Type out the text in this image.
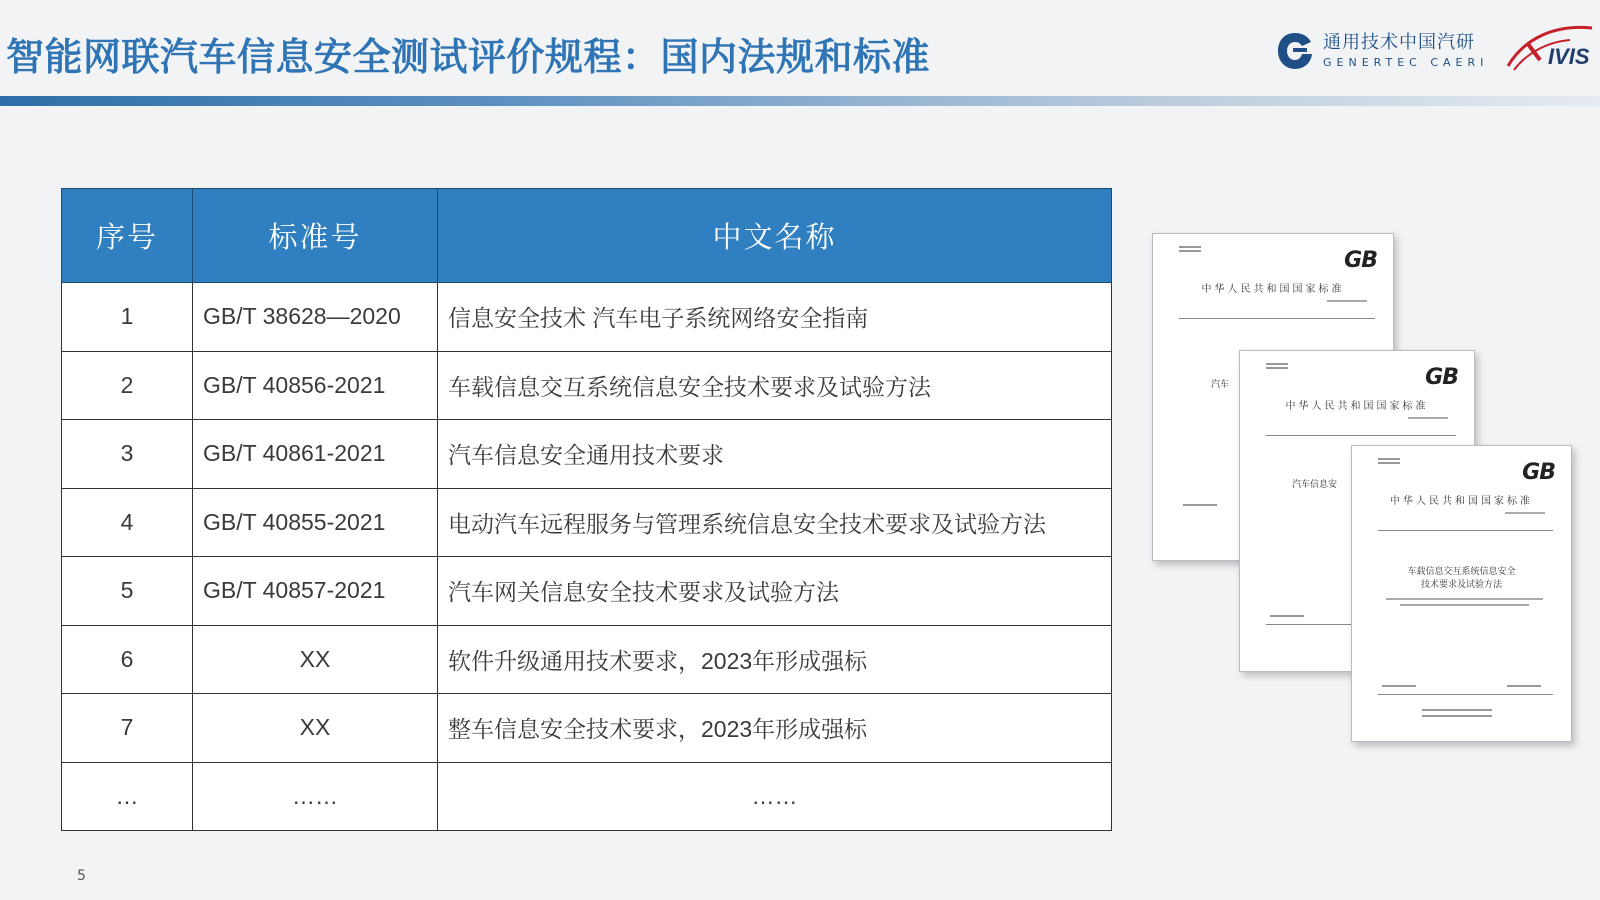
智能网联汽车信息安全测试评价规程：国内法规和标准	通用技术中国汽研
GENERTEC CAERI	IVIS
序号	标准号	中文名称
1	GB/T 38628—2020	信息安全技术 汽车电子系统网络安全指南
2	GB/T 40856-2021	车载信息交互系统信息安全技术要求及试验方法
3	GB/T 40861-2021	汽车信息安全通用技术要求
4	GB/T 40855-2021	电动汽车远程服务与管理系统信息安全技术要求及试验方法
5	GB/T 40857-2021	汽车网关信息安全技术要求及试验方法
6	XX	软件升级通用技术要求，2023年形成强标
7	XX	整车信息安全技术要求，2023年形成强标
…	……	……
GB
中华人民共和国国家标准
汽车	GB
中华人民共和国国家标准
汽车信息安	GB
中华人民共和国国家标准
车载信息交互系统信息安全
技术要求及试验方法
5
